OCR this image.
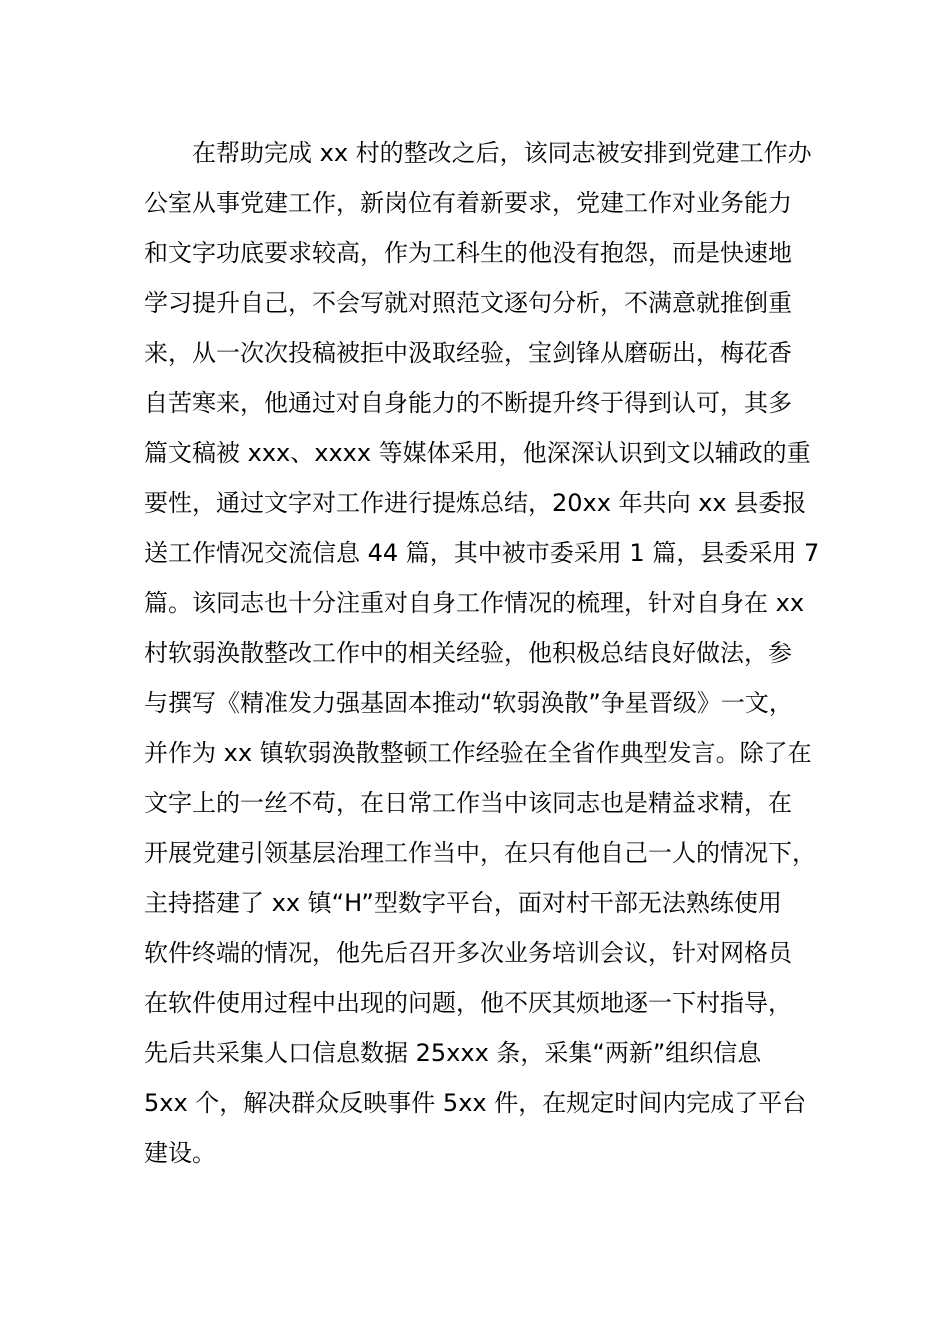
在帮助完成 xx 村的整改之后，该同志被安排到党建工作办
公室从事党建工作，新岗位有着新要求，党建工作对业务能力
和文字功底要求较高，作为工科生的他没有抱怨，而是快速地
学习提升自己，不会写就对照范文逐句分析，不满意就推倒重
来，从一次次投稿被拒中汲取经验，宝剑锋从磨砺出，梅花香
自苦寒来，他通过对自身能力的不断提升终于得到认可，其多
篇文稿被 xxx、xxxx 等媒体采用，他深深认识到文以辅政的重
要性，通过文字对工作进行提炼总结，20xx 年共向 xx 县委报
送工作情况交流信息 44 篇，其中被市委采用 1 篇，县委采用 7
篇。该同志也十分注重对自身工作情况的梳理，针对自身在 xx
村软弱涣散整改工作中的相关经验，他积极总结良好做法，参
与撰写《精准发力强基固本推动“软弱涣散”争星晋级》一文，
并作为 xx 镇软弱涣散整顿工作经验在全省作典型发言。除了在
文字上的一丝不苟，在日常工作当中该同志也是精益求精，在
开展党建引领基层治理工作当中，在只有他自己一人的情况下，
主持搭建了 xx 镇“H”型数字平台，面对村干部无法熟练使用
软件终端的情况，他先后召开多次业务培训会议，针对网格员
在软件使用过程中出现的问题，他不厌其烦地逐一下村指导，
先后共采集人口信息数据 25xxx 条，采集“两新”组织信息
5xx 个，解决群众反映事件 5xx 件，在规定时间内完成了平台
建设。
